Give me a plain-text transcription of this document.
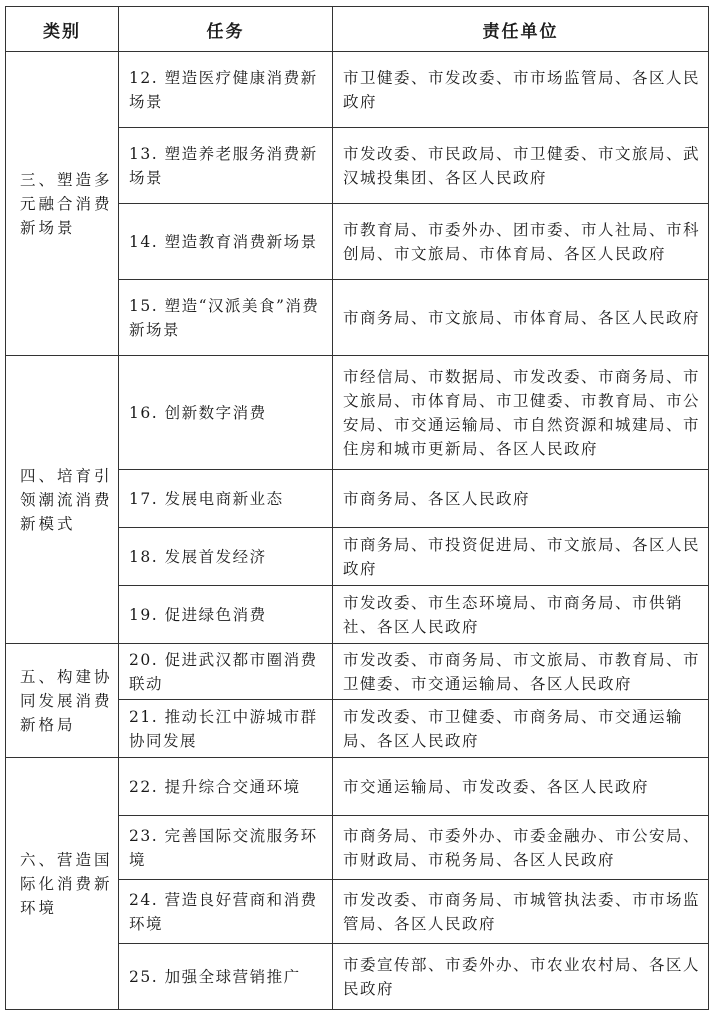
类别	任务	责任单位
三、塑造多元融合消费新场景	12. 塑造医疗健康消费新场景	市卫健委、市发改委、市市场监管局、各区人民政府
	13. 塑造养老服务消费新场景	市发改委、市民政局、市卫健委、市文旅局、武汉城投集团、各区人民政府
	14. 塑造教育消费新场景	市教育局、市委外办、团市委、市人社局、市科创局、市文旅局、市体育局、各区人民政府
	15. 塑造“汉派美食”消费新场景	市商务局、市文旅局、市体育局、各区人民政府
四、培育引领潮流消费新模式	16. 创新数字消费	市经信局、市数据局、市发改委、市商务局、市文旅局、市体育局、市卫健委、市教育局、市公安局、市交通运输局、市自然资源和城建局、市住房和城市更新局、各区人民政府
	17. 发展电商新业态	市商务局、各区人民政府
	18. 发展首发经济	市商务局、市投资促进局、市文旅局、各区人民政府
	19. 促进绿色消费	市发改委、市生态环境局、市商务局、市供销社、各区人民政府
五、构建协同发展消费新格局	20. 促进武汉都市圈消费联动	市发改委、市商务局、市文旅局、市教育局、市卫健委、市交通运输局、各区人民政府
	21. 推动长江中游城市群协同发展	市发改委、市卫健委、市商务局、市交通运输局、各区人民政府
六、营造国际化消费新环境	22. 提升综合交通环境	市交通运输局、市发改委、各区人民政府
	23. 完善国际交流服务环境	市商务局、市委外办、市委金融办、市公安局、市财政局、市税务局、各区人民政府
	24. 营造良好营商和消费环境	市发改委、市商务局、市城管执法委、市市场监管局、各区人民政府
	25. 加强全球营销推广	市委宣传部、市委外办、市农业农村局、各区人民政府
